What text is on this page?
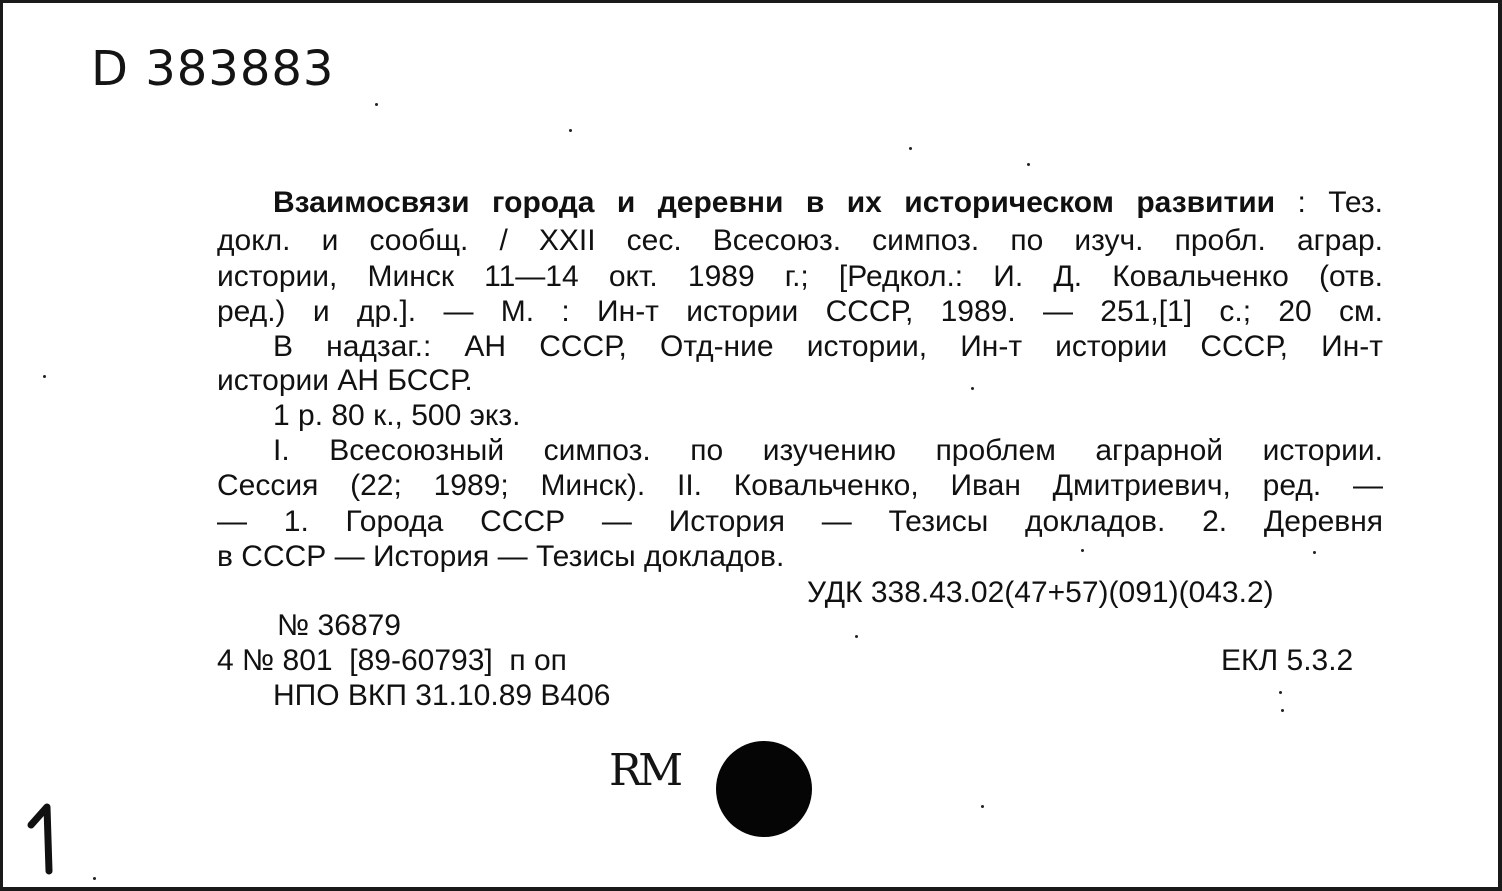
D 383883
Взаимосвязи города и деревни в их историческом развитии : Тез.
докл. и сообщ. / XXII сес. Всесоюз. симпоз. по изуч. пробл. аграр.
истории, Минск 11—14 окт. 1989 г.; [Редкол.: И. Д. Ковальченко (отв.
ред.) и др.]. — М. : Ин-т истории СССР, 1989. — 251,[1] с.; 20 см.
В надзаг.: АН СССР, Отд-ние истории, Ин-т истории СССР, Ин-т
истории АН БССР.
1 р. 80 к., 500 экз.
I. Всесоюзный симпоз. по изучению проблем аграрной истории.
Сессия (22; 1989; Минск). II. Ковальченко, Иван Дмитриевич, ред. —
— 1. Города СССР — История — Тезисы докладов. 2. Деревня
в СССР — История — Тезисы докладов.
УДК 338.43.02(47+57)(091)(043.2)
№ 36879
4 № 801  [89-60793]  п оп	ЕКЛ 5.3.2
НПО ВКП 31.10.89 В406
RM
